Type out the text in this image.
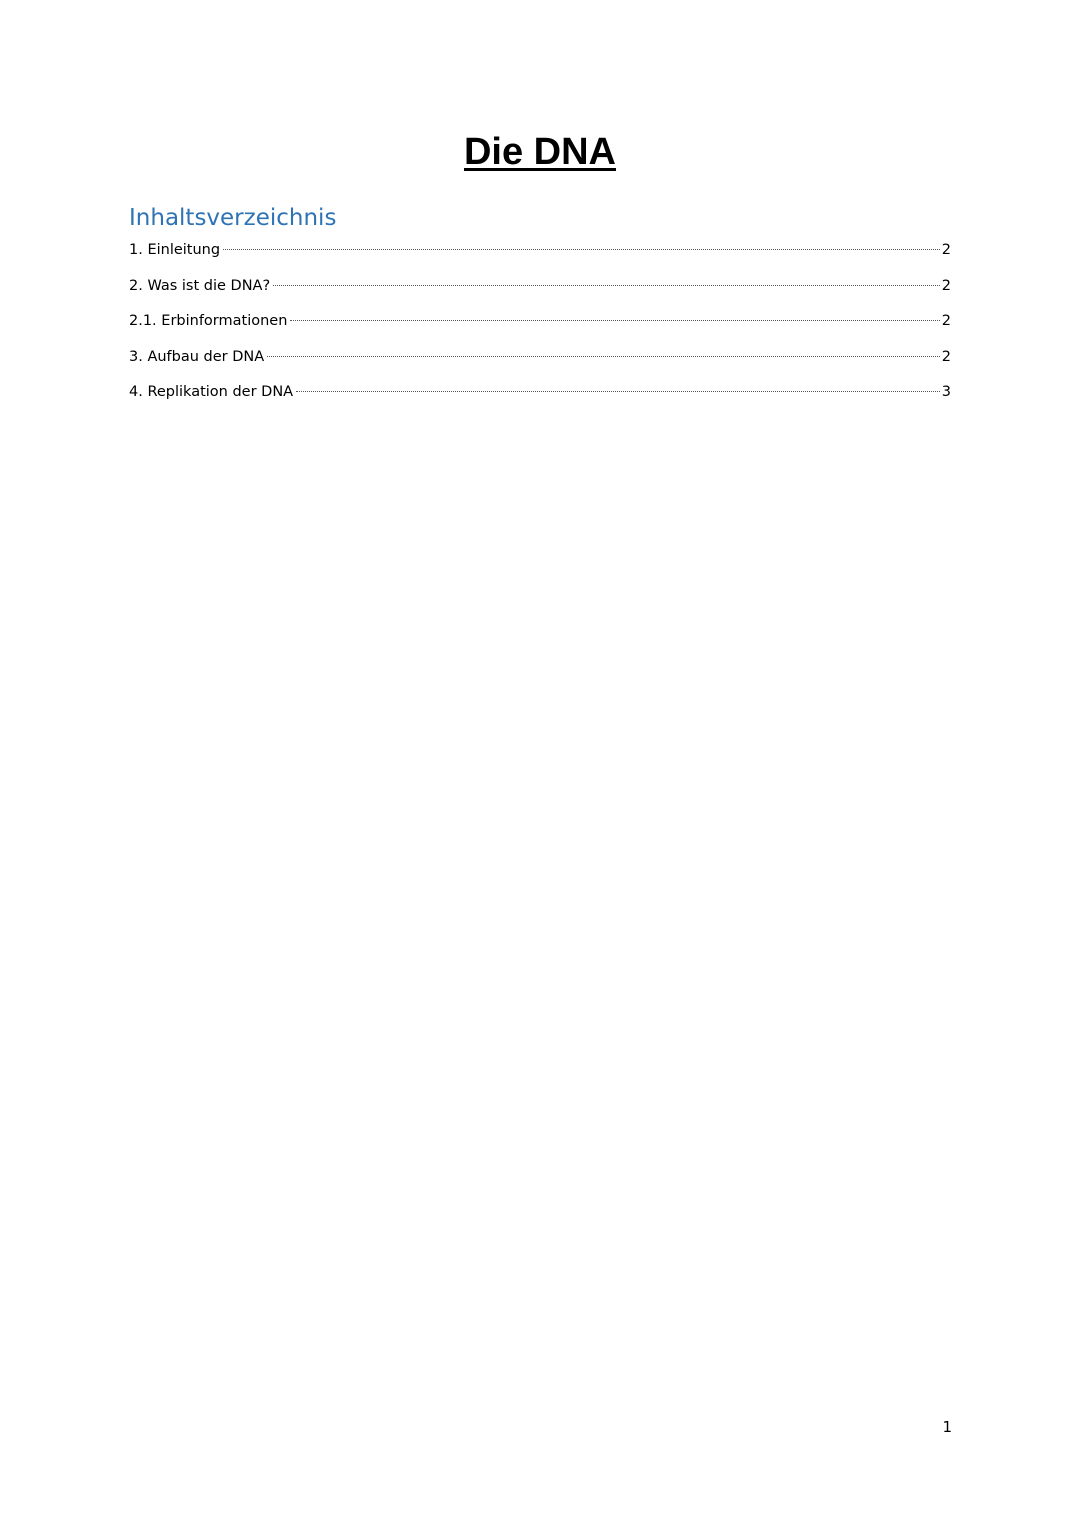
Die DNA
Inhaltsverzeichnis
1. Einleitung	2
2. Was ist die DNA?	2
2.1. Erbinformationen	2
3. Aufbau der DNA	2
4. Replikation der DNA	3
1
